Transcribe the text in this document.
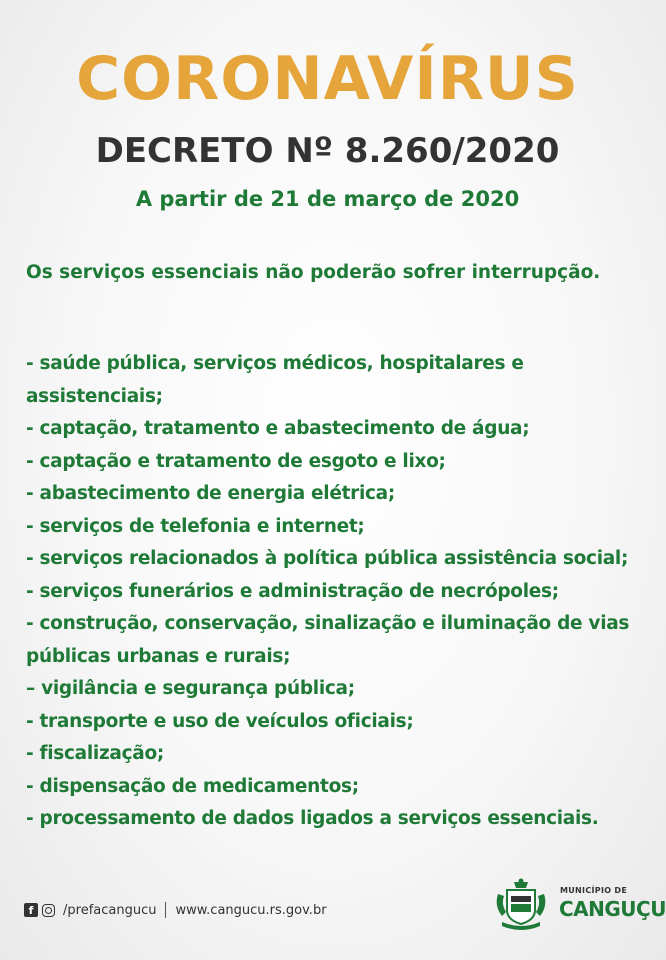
CORONAVÍRUS
DECRETO Nº 8.260/2020
A partir de 21 de março de 2020
Os serviços essenciais não poderão sofrer interrupção.
- saúde pública, serviços médicos, hospitalares e assistenciais;
- captação, tratamento e abastecimento de água;
- captação e tratamento de esgoto e lixo;
- abastecimento de energia elétrica;
- serviços de telefonia e internet;
- serviços relacionados à política pública assistência social;
- serviços funerários e administração de necrópoles;
- construção, conservação, sinalização e iluminação de vias públicas urbanas e rurais;
– vigilância e segurança pública;
- transporte e uso de veículos oficiais;
- fiscalização;
- dispensação de medicamentos;
- processamento de dados ligados a serviços essenciais.
f	/prefacangucu www.cangucu.rs.gov.br
MUNICÍPIO DE
CANGUÇU
